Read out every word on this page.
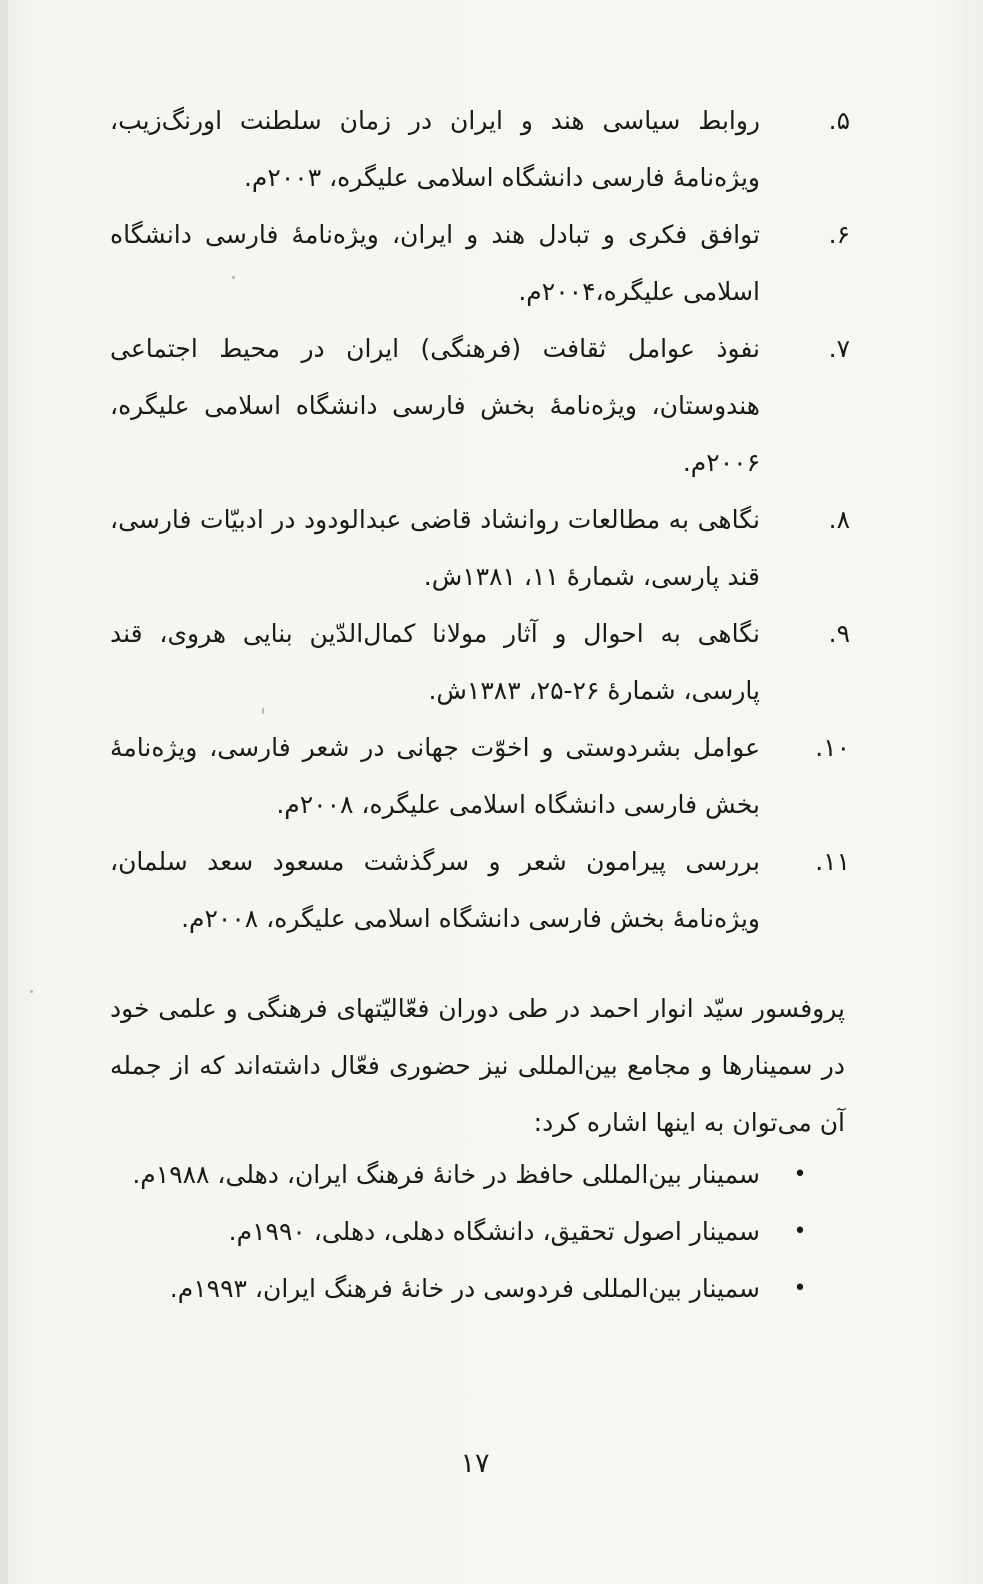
۵.
روابط سیاسی هند و ایران در زمان سلطنت اورنگ‌زیب، ویژه‌نامهٔ فارسی دانشگاه اسلامی علیگره، ۲۰۰۳م.
۶.
توافق فکری و تبادل هند و ایران، ویژه‌نامهٔ فارسی دانشگاه اسلامی علیگره،۲۰۰۴م.
۷.
نفوذ عوامل ثقافت (فرهنگی) ایران در محیط اجتماعی هندوستان، ویژه‌نامهٔ بخش فارسی دانشگاه اسلامی علیگره، ۲۰۰۶م.
۸.
نگاهی به مطالعات روانشاد قاضی عبدالودود در ادبیّات فارسی، قند پارسی، شمارهٔ ۱۱، ۱۳۸۱ش.
۹.
نگاهی به احوال و آثار مولانا کمال‌الدّین بنایی هروی، قند پارسی، شمارهٔ ۲۶-۲۵، ۱۳۸۳ش.
۱۰.
عوامل بشردوستی و اخوّت جهانی در شعر فارسی، ویژه‌نامهٔ بخش فارسی دانشگاه اسلامی علیگره، ۲۰۰۸م.
۱۱.
بررسی پیرامون شعر و سرگذشت مسعود سعد سلمان، ویژه‌نامهٔ بخش فارسی دانشگاه اسلامی علیگره، ۲۰۰۸م.

پروفسور سیّد انوار احمد در طی دوران فعّالیّتهای فرهنگی و علمی خود در سمینارها و مجامع بین‌المللی نیز حضوری فعّال داشته‌اند که از جمله آن می‌توان به اینها اشاره کرد:

•
سمینار بین‌المللی حافظ در خانهٔ فرهنگ ایران، دهلی، ۱۹۸۸م.
•
سمینار اصول تحقیق، دانشگاه دهلی، دهلی، ۱۹۹۰م.
•
سمینار بین‌المللی فردوسی در خانهٔ فرهنگ ایران، ۱۹۹۳م.
۱۷
